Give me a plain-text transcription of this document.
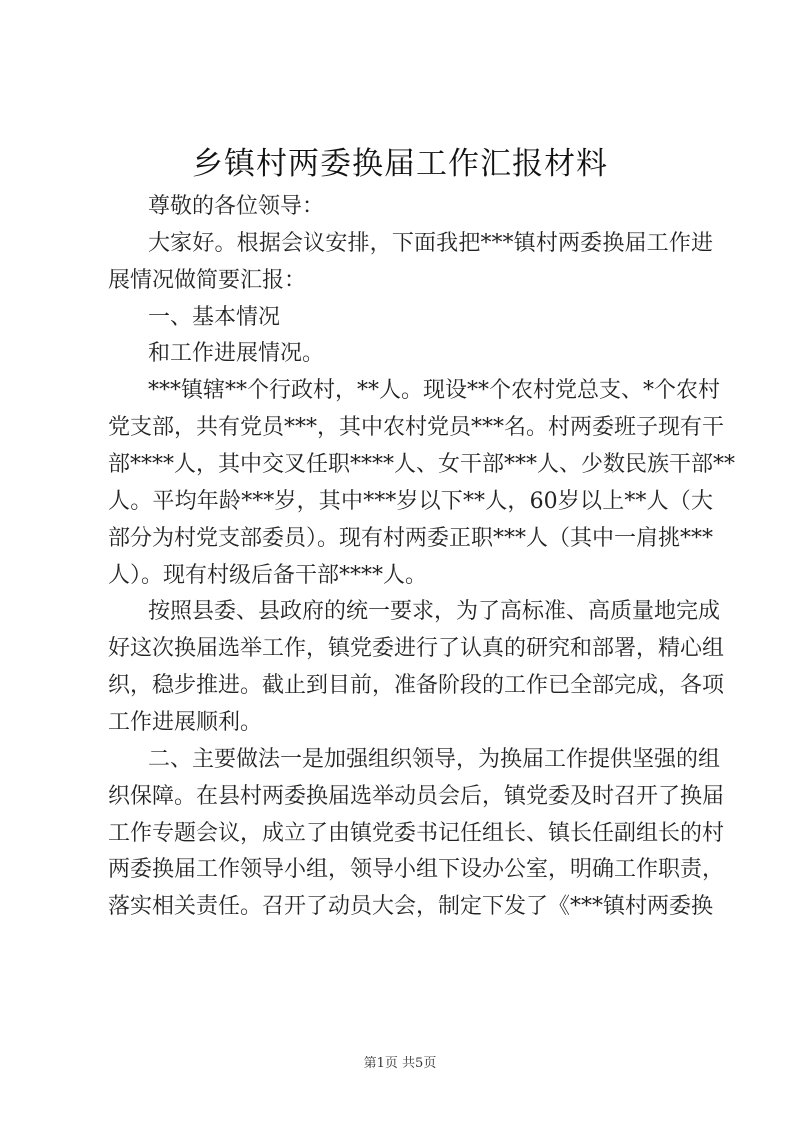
乡镇村两委换届工作汇报材料
尊敬的各位领导：
大家好。根据会议安排，下面我把***镇村两委换届工作进
展情况做简要汇报：
一、基本情况
和工作进展情况。
***镇辖**个行政村，**人。现设**个农村党总支、*个农村
党支部，共有党员***，其中农村党员***名。村两委班子现有干
部****人，其中交叉任职****人、女干部***人、少数民族干部**
人。平均年龄***岁，其中***岁以下**人，60岁以上**人（大
部分为村党支部委员）。现有村两委正职***人（其中一肩挑***
人）。现有村级后备干部****人。
按照县委、县政府的统一要求，为了高标准、高质量地完成
好这次换届选举工作，镇党委进行了认真的研究和部署，精心组
织，稳步推进。截止到目前，准备阶段的工作已全部完成，各项
工作进展顺利。
二、主要做法一是加强组织领导，为换届工作提供坚强的组
织保障。在县村两委换届选举动员会后，镇党委及时召开了换届
工作专题会议，成立了由镇党委书记任组长、镇长任副组长的村
两委换届工作领导小组，领导小组下设办公室，明确工作职责，
落实相关责任。召开了动员大会，制定下发了《***镇村两委换
第1页 共5页
